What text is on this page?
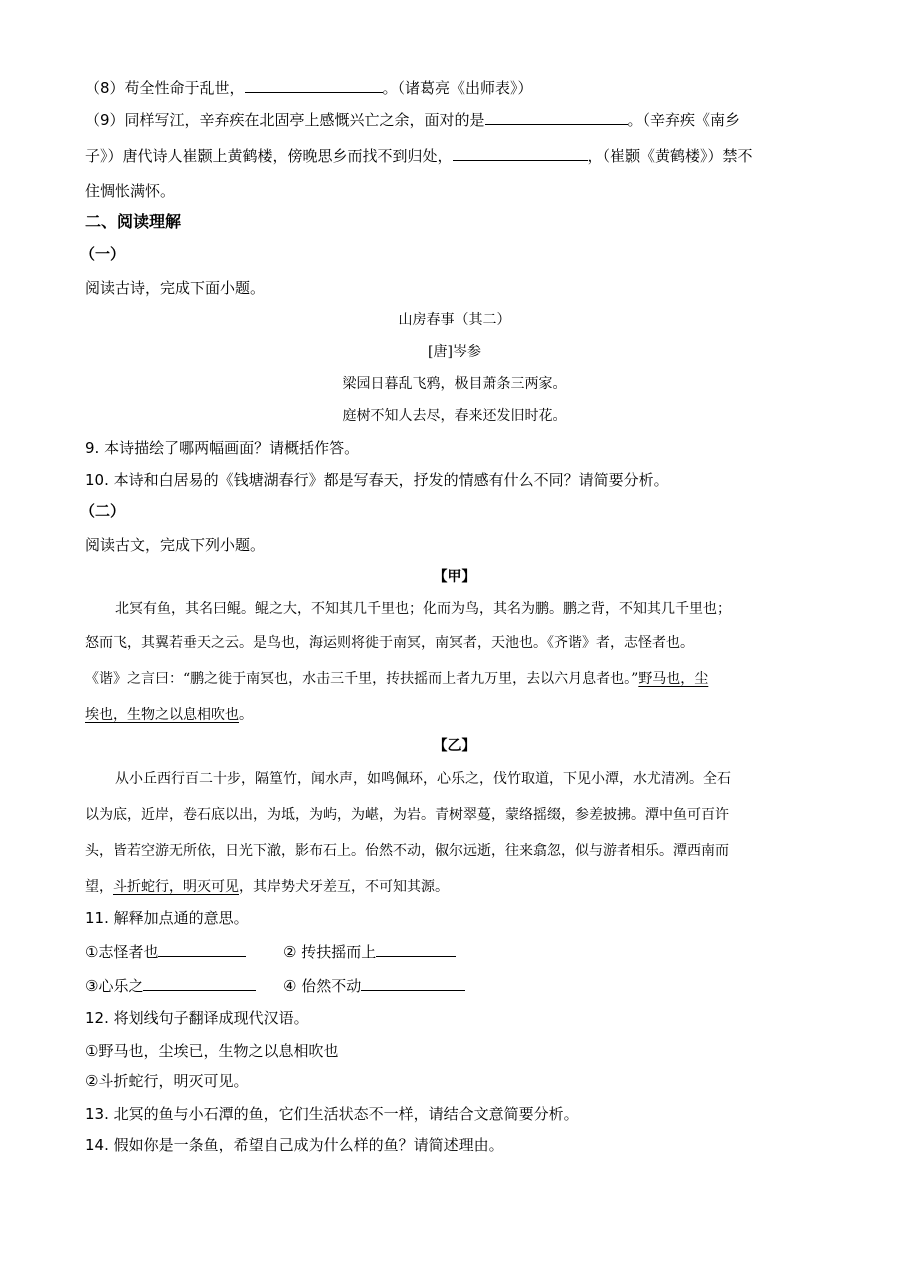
（8）苟全性命于乱世，	。（诸葛亮《出师表》）
（9）同样写江，辛弃疾在北固亭上感慨兴亡之余，面对的是	。（辛弃疾《南乡
子》）唐代诗人崔颢上黄鹤楼，傍晚思乡而找不到归处，	，（崔颢《黄鹤楼》）禁不
住惆怅满怀。
二、阅读理解
（一）
阅读古诗，完成下面小题。
山房春事（其二）
[唐]岑参
梁园日暮乱飞鸦，极目萧条三两家。
庭树不知人去尽，春来还发旧时花。
9. 本诗描绘了哪两幅画面？请概括作答。
10. 本诗和白居易的《钱塘湖春行》都是写春天，抒发的情感有什么不同？请简要分析。
（二）
阅读古文，完成下列小题。
【甲】
北冥有鱼，其名曰鲲。鲲之大，不知其几千里也；化而为鸟，其名为鹏。鹏之背，不知其几千里也；
怒而飞，其翼若垂天之云。是鸟也，海运则将徙于南冥，南冥者，天池也。《齐谐》者，志怪者也。
《谐》之言曰：“鹏之徙于南冥也，水击三千里，抟扶摇而上者九万里，去以六月息者也。”野马也，尘
埃也，生物之以息相吹也。
【乙】
从小丘西行百二十步，隔篁竹，闻水声，如鸣佩环，心乐之，伐竹取道，下见小潭，水尤清冽。全石
以为底，近岸，卷石底以出，为坻，为屿，为嵁，为岩。青树翠蔓，蒙络摇缀，参差披拂。潭中鱼可百许
头，皆若空游无所依，日光下澈，影布石上。佁然不动，俶尔远逝，往来翕忽，似与游者相乐。潭西南而
望，斗折蛇行，明灭可见，其岸势犬牙差互，不可知其源。
11. 解释加点通的意思。
①志怪者也	② 抟扶摇而上
③心乐之	④ 佁然不动
12. 将划线句子翻译成现代汉语。
①野马也，尘埃已，生物之以息相吹也
②斗折蛇行，明灭可见。
13. 北冥的鱼与小石潭的鱼，它们生活状态不一样，请结合文意简要分析。
14. 假如你是一条鱼，希望自己成为什么样的鱼？请简述理由。
